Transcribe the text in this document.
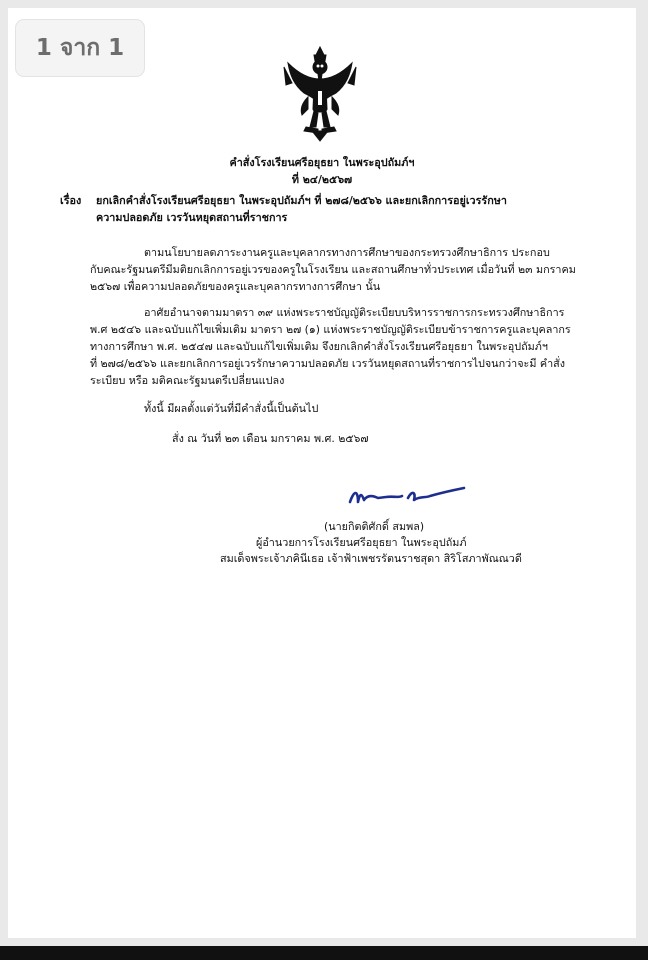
คำสั่งโรงเรียนศรีอยุธยา ในพระอุปถัมภ์ฯ
ที่ ๒๔/๒๕๖๗
เรื่อง ยกเลิกคำสั่งโรงเรียนศรีอยุธยา ในพระอุปถัมภ์ฯ ที่ ๒๗๘/๒๕๖๖ และยกเลิกการอยู่เวรรักษา
ความปลอดภัย เวรวันหยุดสถานที่ราชการ
ตามนโยบายลดภาระงานครูและบุคลากรทางการศึกษาของกระทรวงศึกษาธิการ ประกอบ
กับคณะรัฐมนตรีมีมติยกเลิกการอยู่เวรของครูในโรงเรียน และสถานศึกษาทั่วประเทศ เมื่อวันที่ ๒๓ มกราคม
๒๕๖๗ เพื่อความปลอดภัยของครูและบุคลากรทางการศึกษา นั้น
อาศัยอำนาจตามมาตรา ๓๙ แห่งพระราชบัญญัติระเบียบบริหารราชการกระทรวงศึกษาธิการ
พ.ศ ๒๕๔๖ และฉบับแก้ไขเพิ่มเติม มาตรา ๒๗ (๑) แห่งพระราชบัญญัติระเบียบข้าราชการครูและบุคลากร
ทางการศึกษา พ.ศ. ๒๕๔๗ และฉบับแก้ไขเพิ่มเติม จึงยกเลิกคำสั่งโรงเรียนศรีอยุธยา ในพระอุปถัมภ์ฯ
ที่ ๒๗๘/๒๕๖๖ และยกเลิกการอยู่เวรรักษาความปลอดภัย เวรวันหยุดสถานที่ราชการไปจนกว่าจะมี คำสั่ง
ระเบียบ หรือ มติคณะรัฐมนตรีเปลี่ยนแปลง
ทั้งนี้ มีผลตั้งแต่วันที่มีคำสั่งนี้เป็นต้นไป
สั่ง ณ วันที่ ๒๓ เดือน มกราคม พ.ศ. ๒๕๖๗
(นายกิตติศักดิ์ สมพล)
ผู้อำนวยการโรงเรียนศรีอยุธยา ในพระอุปถัมภ์
สมเด็จพระเจ้าภคินีเธอ เจ้าฟ้าเพชรรัตนราชสุดา สิริโสภาพัณณวดี
1 จาก 1
